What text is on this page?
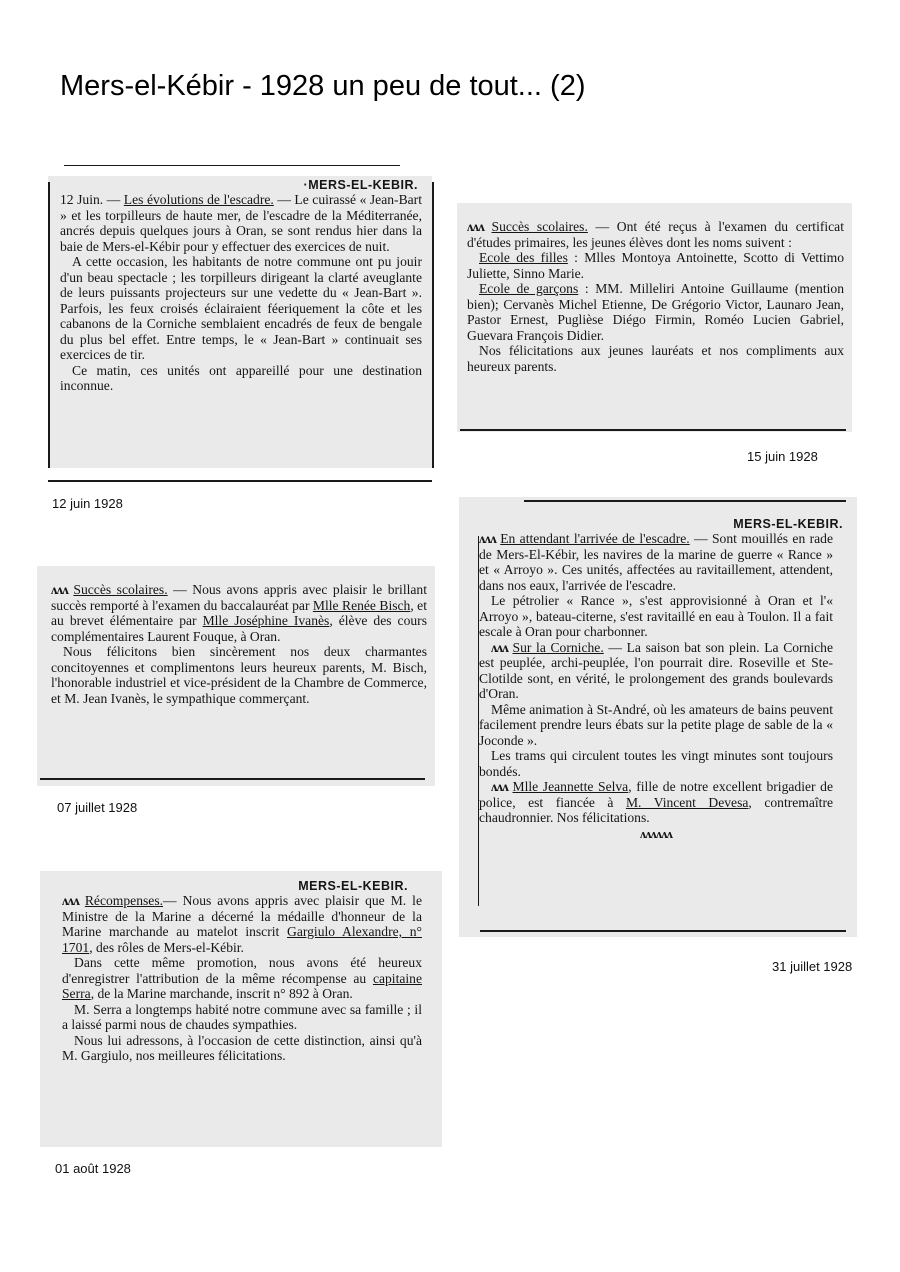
Mers-el-Kébir - 1928 un peu de tout... (2)
·MERS-EL-KEBIR.

12 Juin. — Les évolutions de l'escadre. — Le cuirassé « Jean-Bart » et les torpilleurs de haute mer, de l'escadre de la Méditerranée, ancrés depuis quelques jours à Oran, se sont rendus hier dans la baie de Mers-el-Kébir pour y effectuer des exercices de nuit.

A cette occasion, les habitants de notre commune ont pu jouir d'un beau spectacle ; les torpilleurs dirigeant la clarté aveuglante de leurs puissants projecteurs sur une vedette du « Jean-Bart ». Parfois, les feux croisés éclairaient féeriquement la côte et les cabanons de la Corniche semblaient encadrés de feux de bengale du plus bel effet. Entre temps, le « Jean-Bart » continuait ses exercices de tir.

Ce matin, ces unités ont appareillé pour une destination inconnue.

12 juin 1928

ᴧᴧᴧ Succès scolaires. — Ont été reçus à l'examen du certificat d'études primaires, les jeunes élèves dont les noms suivent :

Ecole des filles : Mlles Montoya Antoinette, Scotto di Vettimo Juliette, Sinno Marie.

Ecole de garçons : MM. Milleliri Antoine Guillaume (mention bien); Cervanès Michel Etienne, De Grégorio Victor, Launaro Jean, Pastor Ernest, Puglièse Diégo Firmin, Roméo Lucien Gabriel, Guevara François Didier.

Nos félicitations aux jeunes lauréats et nos compliments aux heureux parents.

15 juin 1928

ᴧᴧᴧ Succès scolaires. — Nous avons appris avec plaisir le brillant succès remporté à l'examen du baccalauréat par Mlle Renée Bisch, et au brevet élémentaire par Mlle Joséphine Ivanès, élève des cours complémentaires Laurent Fouque, à Oran.

Nous félicitons bien sincèrement nos deux charmantes concitoyennes et complimentons leurs heureux parents, M. Bisch, l'honorable industriel et vice-président de la Chambre de Commerce, et M. Jean Ivanès, le sympathique commerçant.

07 juillet 1928
MERS-EL-KEBIR.

ᴧᴧᴧ En attendant l'arrivée de l'escadre. — Sont mouillés en rade de Mers-El-Kébir, les navires de la marine de guerre « Rance » et « Arroyo ». Ces unités, affectées au ravitaillement, attendent, dans nos eaux, l'arrivée de l'escadre.

Le pétrolier « Rance », s'est approvisionné à Oran et l'« Arroyo », bateau-citerne, s'est ravitaillé en eau à Toulon. Il a fait escale à Oran pour charbonner.

ᴧᴧᴧ Sur la Corniche. — La saison bat son plein. La Corniche est peuplée, archi-peuplée, l'on pourrait dire. Roseville et Ste-Clotilde sont, en vérité, le prolongement des grands boulevards d'Oran.

Même animation à St-André, où les amateurs de bains peuvent facilement prendre leurs ébats sur la petite plage de sable de la « Joconde ».

Les trams qui circulent toutes les vingt minutes sont toujours bondés.

ᴧᴧᴧ Mlle Jeannette Selva, fille de notre excellent brigadier de police, est fiancée à M. Vincent Devesa, contremaître chaudronnier. Nos félicitations.

ᴧᴧᴧᴧᴧᴧ
31 juillet 1928
MERS-EL-KEBIR.

ᴧᴧᴧ Récompenses.— Nous avons appris avec plaisir que M. le Ministre de la Marine a décerné la médaille d'honneur de la Marine marchande au matelot inscrit Gargiulo Alexandre, n° 1701, des rôles de Mers-el-Kébir.

Dans cette même promotion, nous avons été heureux d'enregistrer l'attribution de la même récompense au capitaine Serra, de la Marine marchande, inscrit n° 892 à Oran.

M. Serra a longtemps habité notre commune avec sa famille ; il a laissé parmi nous de chaudes sympathies.

Nous lui adressons, à l'occasion de cette distinction, ainsi qu'à M. Gargiulo, nos meilleures félicitations.

01 août 1928
